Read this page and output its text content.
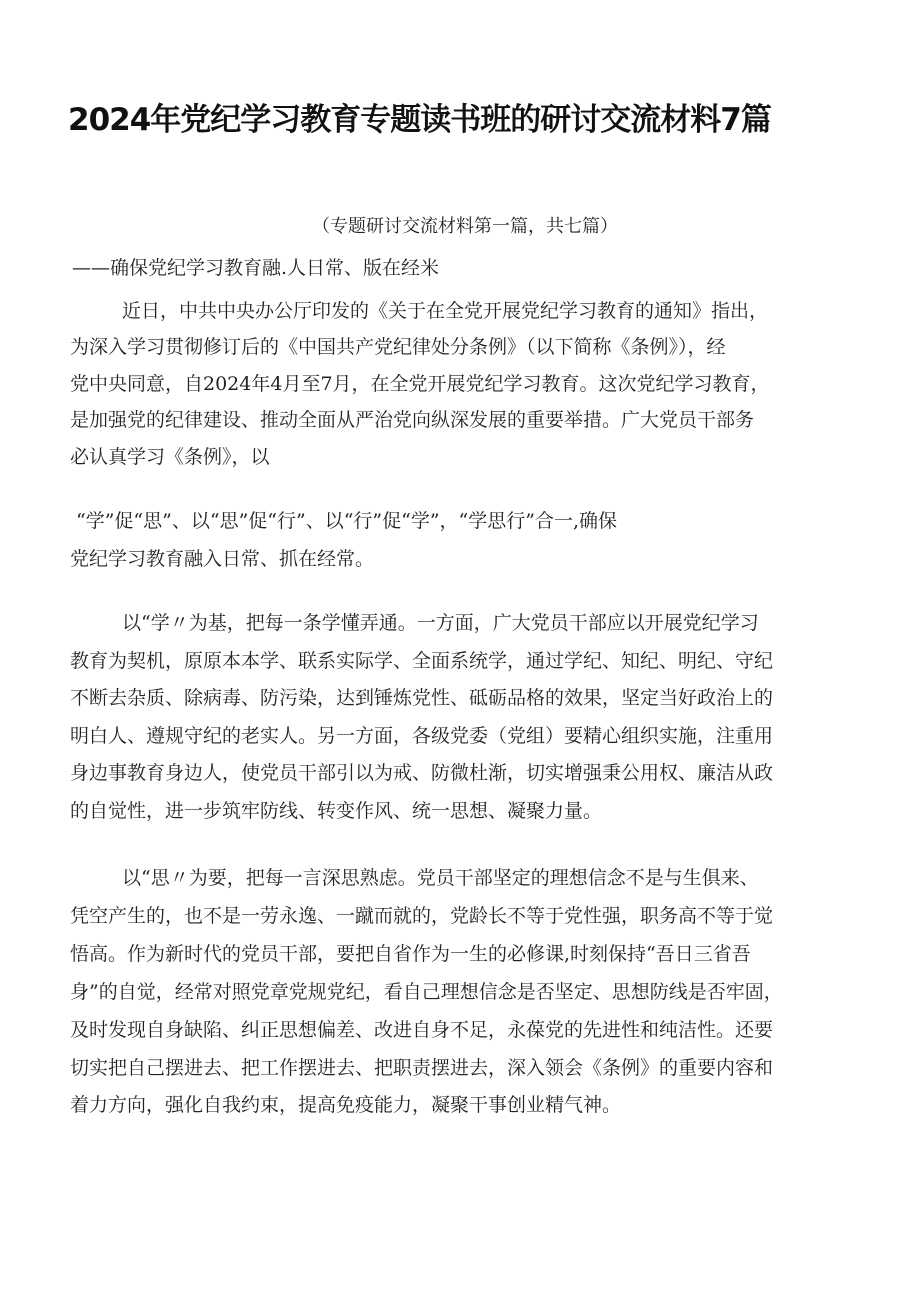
2024年党纪学习教育专题读书班的研讨交流材料7篇
（专题研讨交流材料第一篇，共七篇）
——确保党纪学习教育融.人日常、版在经米
近日，中共中央办公厅印发的《关于在全党开展党纪学习教育的通知》指出，
为深入学习贯彻修订后的《中国共产党纪律处分条例》（以下简称《条例》），经
党中央同意，自2024年4月至7月，在全党开展党纪学习教育。这次党纪学习教育，
是加强党的纪律建设、推动全面从严治党向纵深发展的重要举措。广大党员干部务
必认真学习《条例》，以
“学”促“思”、以“思”促“行”、以“行”促“学”，“学思行”合一,确保
党纪学习教育融入日常、抓在经常。
以“学〃为基，把每一条学懂弄通。一方面，广大党员干部应以开展党纪学习
教育为契机，原原本本学、联系实际学、全面系统学，通过学纪、知纪、明纪、守纪
不断去杂质、除病毒、防污染，达到锤炼党性、砥砺品格的效果，坚定当好政治上的
明白人、遵规守纪的老实人。另一方面，各级党委（党组）要精心组织实施，注重用
身边事教育身边人，使党员干部引以为戒、防微杜渐，切实增强秉公用权、廉洁从政
的自觉性，进一步筑牢防线、转变作风、统一思想、凝聚力量。
以“思〃为要，把每一言深思熟虑。党员干部坚定的理想信念不是与生俱来、
凭空产生的，也不是一劳永逸、一蹴而就的，党龄长不等于党性强，职务高不等于觉
悟高。作为新时代的党员干部，要把自省作为一生的必修课,时刻保持“吾日三省吾
身”的自觉，经常对照党章党规党纪，看自己理想信念是否坚定、思想防线是否牢固，
及时发现自身缺陷、纠正思想偏差、改进自身不足，永葆党的先进性和纯洁性。还要
切实把自己摆进去、把工作摆进去、把职责摆进去，深入领会《条例》的重要内容和
着力方向，强化自我约束，提高免疫能力，凝聚干事创业精气神。
